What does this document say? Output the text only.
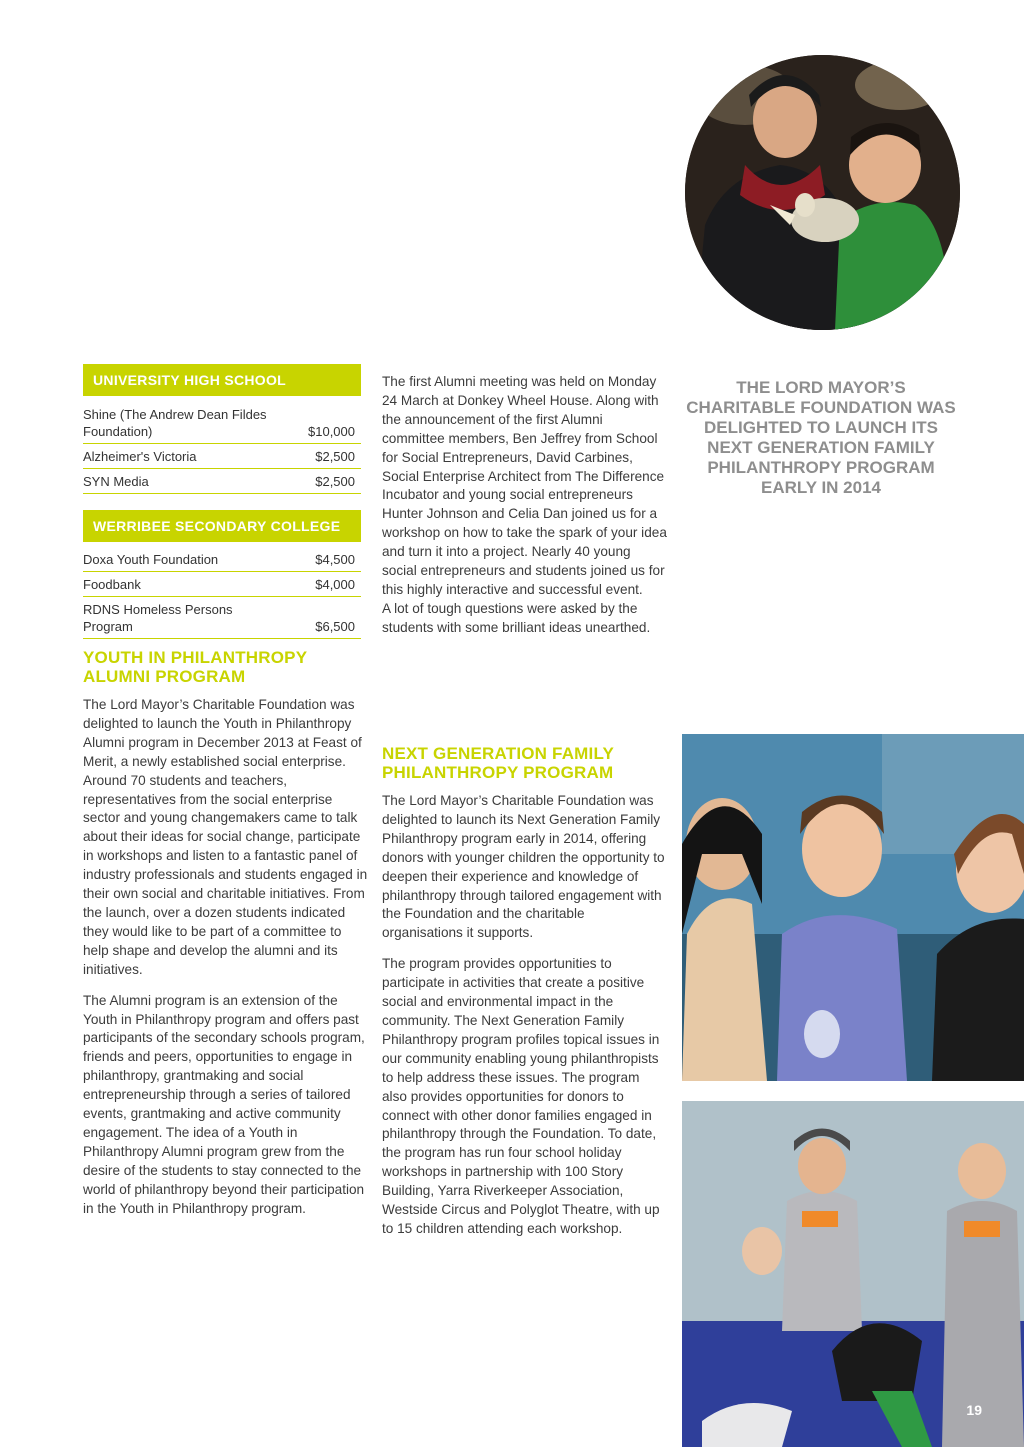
UNIVERSITY HIGH SCHOOL
Shine (The Andrew Dean Fildes Foundation)	$10,000
Alzheimer's Victoria	$2,500
SYN Media	$2,500
WERRIBEE SECONDARY COLLEGE
Doxa Youth Foundation	$4,500
Foodbank	$4,000
RDNS Homeless Persons Program	$6,500
YOUTH IN PHILANTHROPY ALUMNI PROGRAM

The Lord Mayor’s Charitable Foundation was delighted to launch the Youth in Philanthropy Alumni program in December 2013 at Feast of Merit, a newly established social enterprise. Around 70 students and teachers, representatives from the social enterprise sector and young changemakers came to talk about their ideas for social change, participate in workshops and listen to a fantastic panel of industry professionals and students engaged in their own social and charitable initiatives. From the launch, over a dozen students indicated they would like to be part of a committee to help shape and develop the alumni and its initiatives.

The Alumni program is an extension of the Youth in Philanthropy program and offers past participants of the secondary schools program, friends and peers, opportunities to engage in philanthropy, grantmaking and social entrepreneurship through a series of tailored events, grantmaking and active community engagement. The idea of a Youth in Philanthropy Alumni program grew from the desire of the students to stay connected to the world of philanthropy beyond their participation in the Youth in Philanthropy program.

The first Alumni meeting was held on Monday 24 March at Donkey Wheel House. Along with the announcement of the first Alumni committee members, Ben Jeffrey from School for Social Entrepreneurs, David Carbines, Social Enterprise Architect from The Difference Incubator and young social entrepreneurs Hunter Johnson and Celia Dan joined us for a workshop on how to take the spark of your idea and turn it into a project. Nearly 40 young social entrepreneurs and students joined us for this highly interactive and successful event.

A lot of tough questions were asked by the students with some brilliant ideas unearthed.

NEXT GENERATION FAMILY PHILANTHROPY PROGRAM

The Lord Mayor’s Charitable Foundation was delighted to launch its Next Generation Family Philanthropy program early in 2014, offering donors with younger children the opportunity to deepen their experience and knowledge of philanthropy through tailored engagement with the Foundation and the charitable organisations it supports.

The program provides opportunities to participate in activities that create a positive social and environmental impact in the community. The Next Generation Family Philanthropy program profiles topical issues in our community enabling young philanthropists to help address these issues. The program also provides opportunities for donors to connect with other donor families engaged in philanthropy through the Foundation. To date, the program has run four school holiday workshops in partnership with 100 Story Building, Yarra Riverkeeper Association, Westside Circus and Polyglot Theatre, with up to 15 children attending each workshop.

THE LORD MAYOR’S CHARITABLE FOUNDATION WAS DELIGHTED TO LAUNCH ITS NEXT GENERATION FAMILY PHILANTHROPY PROGRAM EARLY IN 2014
19
